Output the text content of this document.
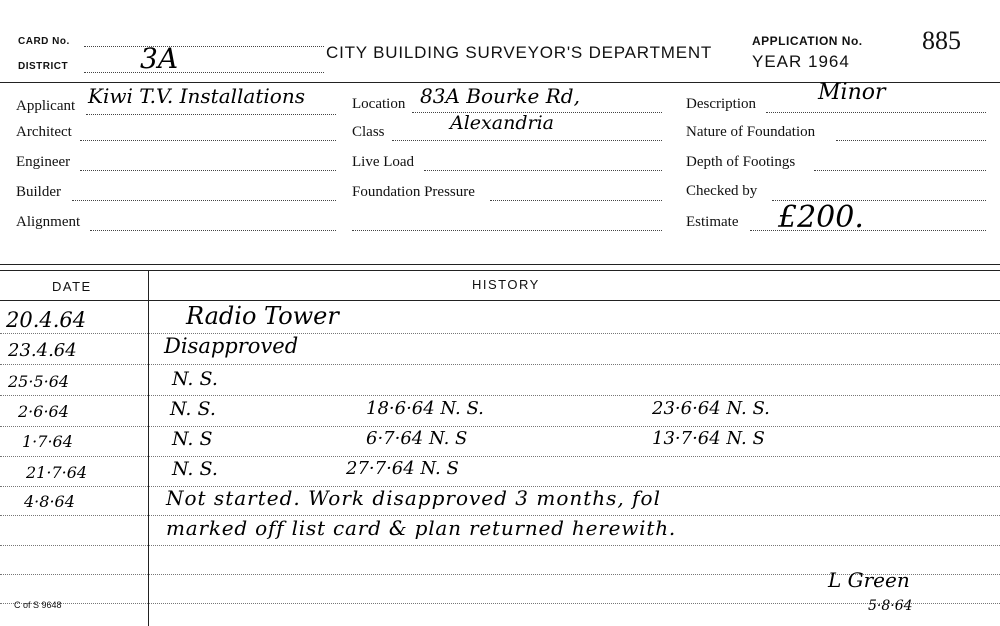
CARD No.
DISTRICT	3A	CITY BUILDING SURVEYOR'S DEPARTMENT
APPLICATION No. 885
YEAR 1964
Applicant Kiwi T.V. Installations
Architect
Engineer
Builder
Alignment
Location 83A Bourke Rd,
Class	Alexandria
Live Load
Foundation Pressure
Description	Minor
Nature of Foundation
Depth of Footings
Checked by
Estimate £200.
DATE	HISTORY
20.4.64	Radio Tower
23.4.64	Disapproved
25·5·64	N. S.
2·6·64	N. S.	18·6·64 N. S.	23·6·64 N. S.
1·7·64	N. S	6·7·64 N. S	13·7·64 N. S
21·7·64	N. S.	27·7·64 N. S
4·8·64	Not started. Work disapproved 3 months, fol
marked off list card & plan returned herewith.
L Green
5·8·64
C of S 9648
